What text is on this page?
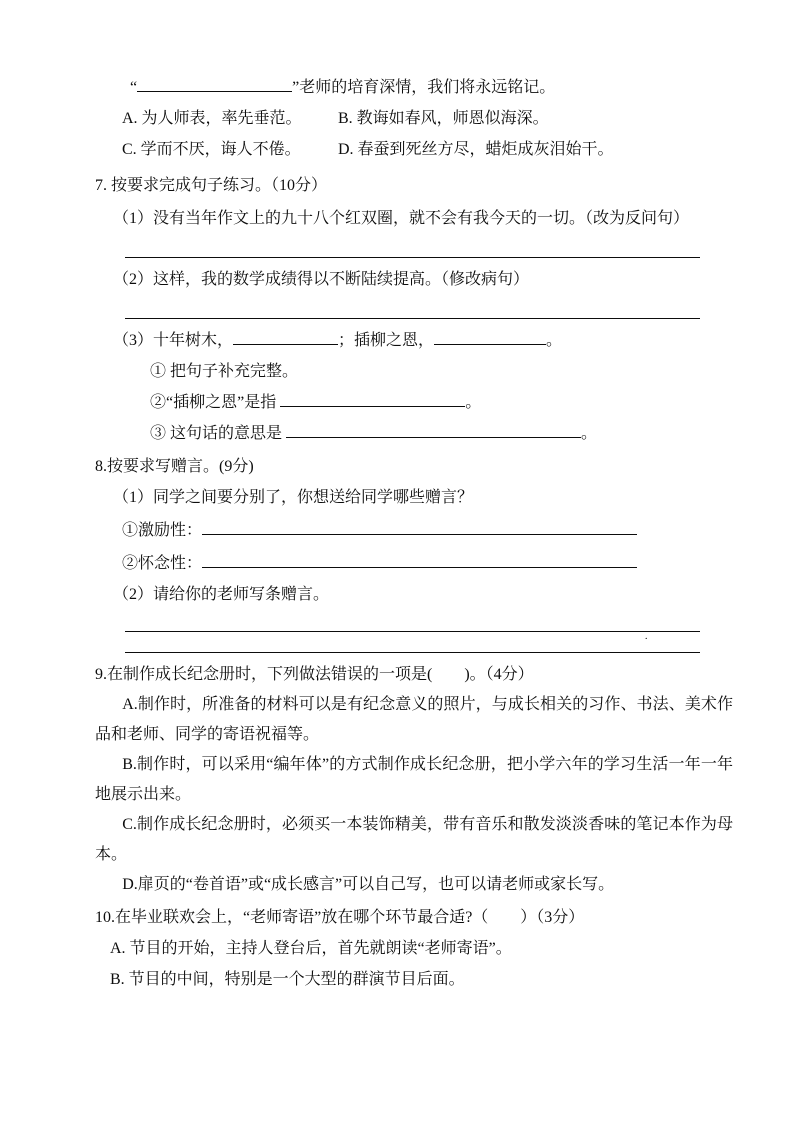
“	”老师的培育深情，我们将永远铭记。
A. 为人师表，率先垂范。 B. 教诲如春风，师恩似海深。
C. 学而不厌，诲人不倦。 D. 春蚕到死丝方尽，蜡炬成灰泪始干。
7. 按要求完成句子练习。（10分）
（1）没有当年作文上的九十八个红双圈，就不会有我今天的一切。（改为反问句）
（2）这样，我的数学成绩得以不断陆续提高。（修改病句）
（3）十年树木，	；插柳之恩，	。
① 把句子补充完整。
②“插柳之恩”是指	。
③ 这句话的意思是	。
8.按要求写赠言。(9分)
（1）同学之间要分别了，你想送给同学哪些赠言？
①激励性：
②怀念性：
（2）请给你的老师写条赠言。
·
9.在制作成长纪念册时，下列做法错误的一项是(　　)。（4分）
A.制作时，所准备的材料可以是有纪念意义的照片，与成长相关的习作、书法、美术作品和老师、同学的寄语祝福等。
B.制作时，可以采用“编年体”的方式制作成长纪念册，把小学六年的学习生活一年一年地展示出来。
C.制作成长纪念册时，必须买一本装饰精美，带有音乐和散发淡淡香味的笔记本作为母本。
D.扉页的“卷首语”或“成长感言”可以自己写，也可以请老师或家长写。
10.在毕业联欢会上，“老师寄语”放在哪个环节最合适?（　　）（3分）
A. 节目的开始，主持人登台后，首先就朗读“老师寄语”。
B. 节目的中间，特别是一个大型的群演节目后面。
